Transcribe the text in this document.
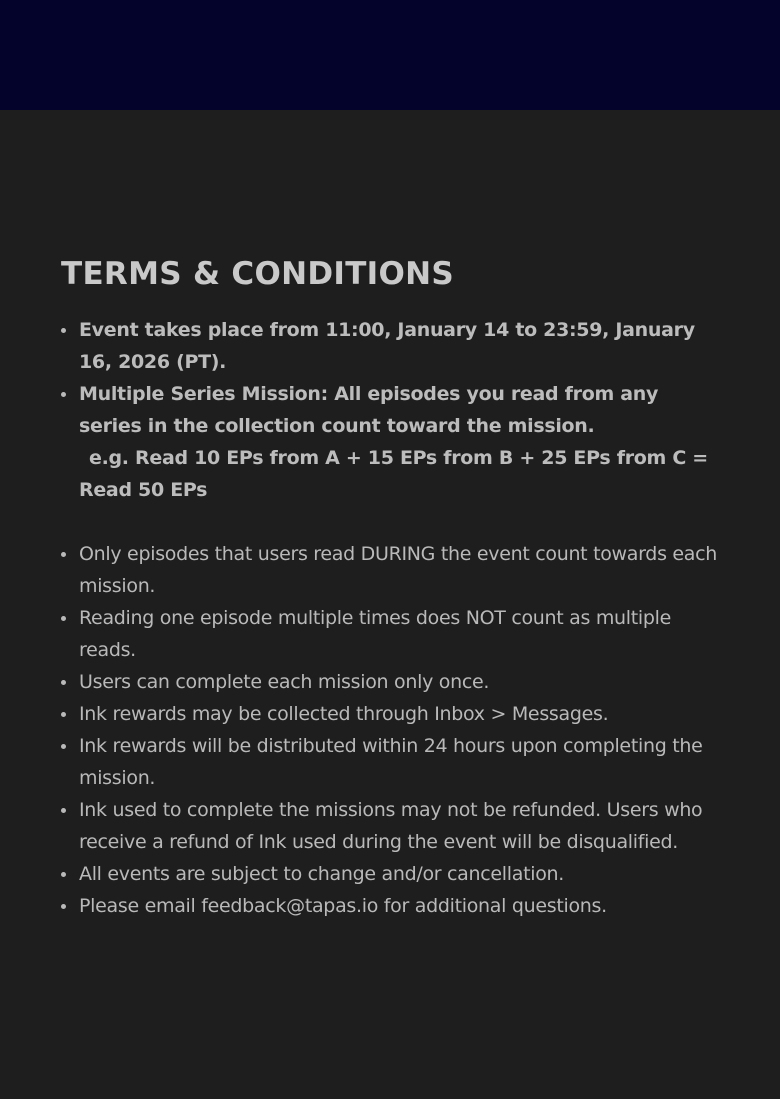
TERMS & CONDITIONS
Event takes place from 11:00, January 14 to 23:59, January 16, 2026 (PT).
Multiple Series Mission: All episodes you read from any series in the collection count toward the mission.
e.g. Read 10 EPs from A + 15 EPs from B + 25 EPs from C =
Read 50 EPs
Only episodes that users read DURING the event count towards each mission.
Reading one episode multiple times does NOT count as multiple reads.
Users can complete each mission only once.
Ink rewards may be collected through Inbox > Messages.
Ink rewards will be distributed within 24 hours upon completing the mission.
Ink used to complete the missions may not be refunded. Users who receive a refund of Ink used during the event will be disqualified.
All events are subject to change and/or cancellation.
Please email feedback@tapas.io for additional questions.
